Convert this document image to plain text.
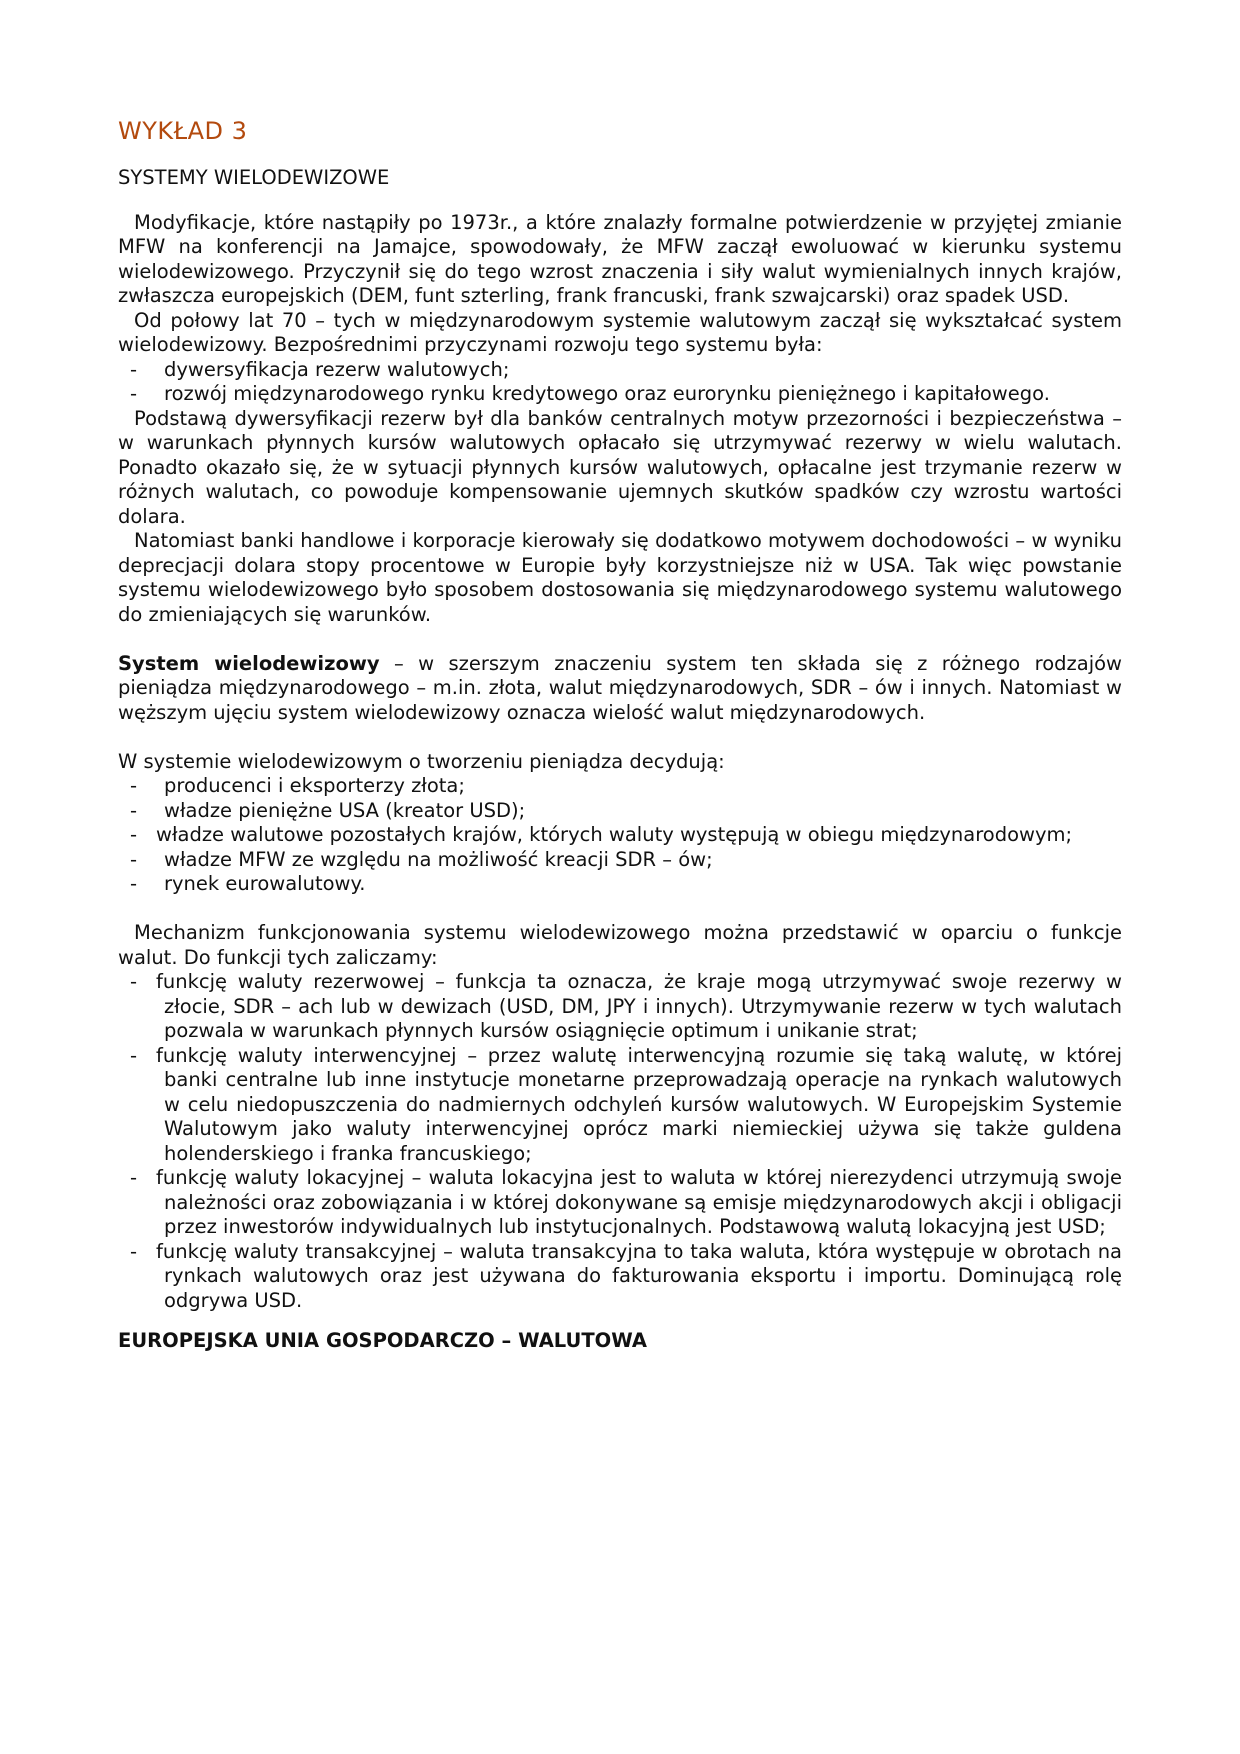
WYKŁAD 3
SYSTEMY WIELODEWIZOWE

Modyfikacje, które nastąpiły po 1973r., a które znalazły formalne potwierdzenie w przyjętej zmianie MFW na konferencji na Jamajce, spowodowały, że MFW zaczął ewoluować w kierunku systemu wielodewizowego. Przyczynił się do tego wzrost znaczenia i siły walut wymienialnych innych krajów, zwłaszcza europejskich (DEM, funt szterling, frank francuski, frank szwajcarski) oraz spadek USD.

Od połowy lat 70 – tych w międzynarodowym systemie walutowym zaczął się wykształcać system wielodewizowy. Bezpośrednimi przyczynami rozwoju tego systemu była:

- dywersyfikacja rezerw walutowych;
- rozwój międzynarodowego rynku kredytowego oraz eurorynku pieniężnego i kapitałowego.

Podstawą dywersyfikacji rezerw był dla banków centralnych motyw przezorności i bezpieczeństwa – w warunkach płynnych kursów walutowych opłacało się utrzymywać rezerwy w wielu walutach. Ponadto okazało się, że w sytuacji płynnych kursów walutowych, opłacalne jest trzymanie rezerw w różnych walutach, co powoduje kompensowanie ujemnych skutków spadków czy wzrostu wartości dolara.

Natomiast banki handlowe i korporacje kierowały się dodatkowo motywem dochodowości – w wyniku deprecjacji dolara stopy procentowe w Europie były korzystniejsze niż w USA. Tak więc powstanie systemu wielodewizowego było sposobem dostosowania się międzynarodowego systemu walutowego do zmieniających się warunków.

System wielodewizowy – w szerszym znaczeniu system ten składa się z różnego rodzajów pieniądza międzynarodowego – m.in. złota, walut międzynarodowych, SDR – ów i innych. Natomiast w węższym ujęciu system wielodewizowy oznacza wielość walut międzynarodowych.

W systemie wielodewizowym o tworzeniu pieniądza decydują:

- producenci i eksporterzy złota;
- władze pieniężne USA (kreator USD);
- władze walutowe pozostałych krajów, których waluty występują w obiegu międzynarodowym;
- władze MFW ze względu na możliwość kreacji SDR – ów;
- rynek eurowalutowy.

Mechanizm funkcjonowania systemu wielodewizowego można przedstawić w oparciu o funkcje walut. Do funkcji tych zaliczamy:

- funkcję waluty rezerwowej – funkcja ta oznacza, że kraje mogą utrzymywać swoje rezerwy w złocie, SDR – ach lub w dewizach (USD, DM, JPY i innych). Utrzymywanie rezerw w tych walutach pozwala w warunkach płynnych kursów osiągnięcie optimum i unikanie strat;
- funkcję waluty interwencyjnej – przez walutę interwencyjną rozumie się taką walutę, w której banki centralne lub inne instytucje monetarne przeprowadzają operacje na rynkach walutowych w celu niedopuszczenia do nadmiernych odchyleń kursów walutowych. W Europejskim Systemie Walutowym jako waluty interwencyjnej oprócz marki niemieckiej używa się także guldena holenderskiego i franka francuskiego;
- funkcję waluty lokacyjnej – waluta lokacyjna jest to waluta w której nierezydenci utrzymują swoje należności oraz zobowiązania i w której dokonywane są emisje międzynarodowych akcji i obligacji przez inwestorów indywidualnych lub instytucjonalnych. Podstawową walutą lokacyjną jest USD;
- funkcję waluty transakcyjnej – waluta transakcyjna to taka waluta, która występuje w obrotach na rynkach walutowych oraz jest używana do fakturowania eksportu i importu. Dominującą rolę odgrywa USD.
EUROPEJSKA UNIA GOSPODARCZO – WALUTOWA
